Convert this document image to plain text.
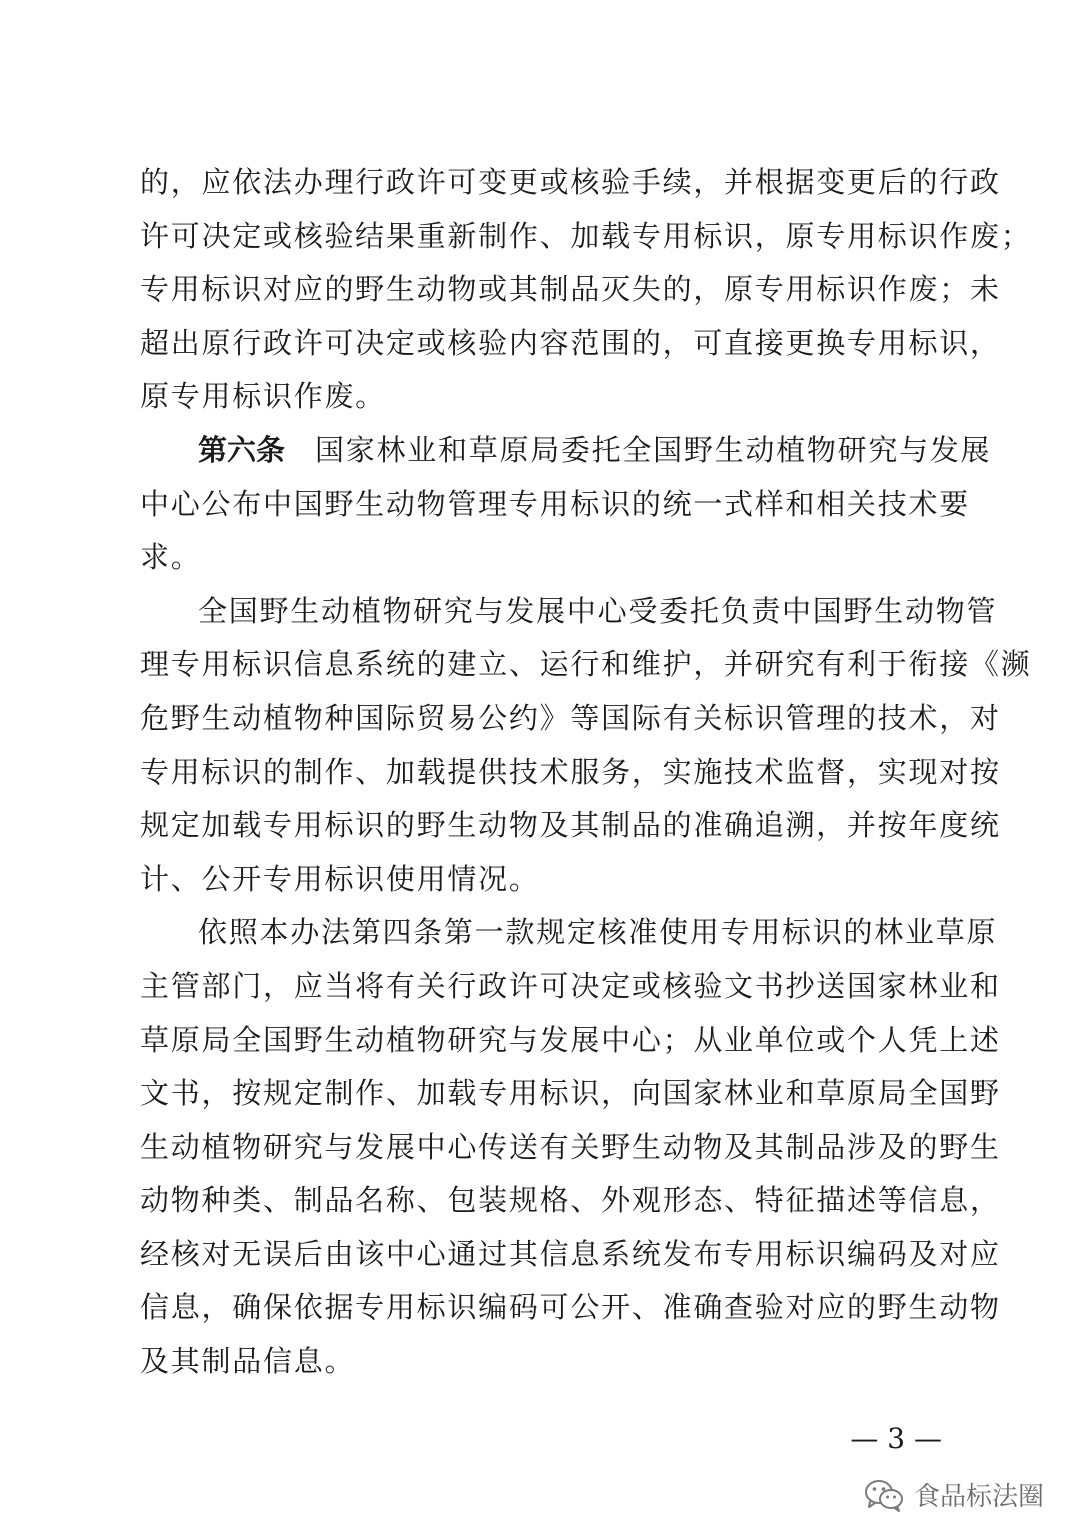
的，应依法办理行政许可变更或核验手续，并根据变更后的行政
许可决定或核验结果重新制作、加载专用标识，原专用标识作废；
专用标识对应的野生动物或其制品灭失的，原专用标识作废；未
超出原行政许可决定或核验内容范围的，可直接更换专用标识，
原专用标识作废。
第六条 国家林业和草原局委托全国野生动植物研究与发展
中心公布中国野生动物管理专用标识的统一式样和相关技术要
求。
全国野生动植物研究与发展中心受委托负责中国野生动物管
理专用标识信息系统的建立、运行和维护，并研究有利于衔接《濒
危野生动植物种国际贸易公约》等国际有关标识管理的技术，对
专用标识的制作、加载提供技术服务，实施技术监督，实现对按
规定加载专用标识的野生动物及其制品的准确追溯，并按年度统
计、公开专用标识使用情况。
依照本办法第四条第一款规定核准使用专用标识的林业草原
主管部门，应当将有关行政许可决定或核验文书抄送国家林业和
草原局全国野生动植物研究与发展中心；从业单位或个人凭上述
文书，按规定制作、加载专用标识，向国家林业和草原局全国野
生动植物研究与发展中心传送有关野生动物及其制品涉及的野生
动物种类、制品名称、包装规格、外观形态、特征描述等信息，
经核对无误后由该中心通过其信息系统发布专用标识编码及对应
信息，确保依据专用标识编码可公开、准确查验对应的野生动物
及其制品信息。
— 3 —
食品标法圈
